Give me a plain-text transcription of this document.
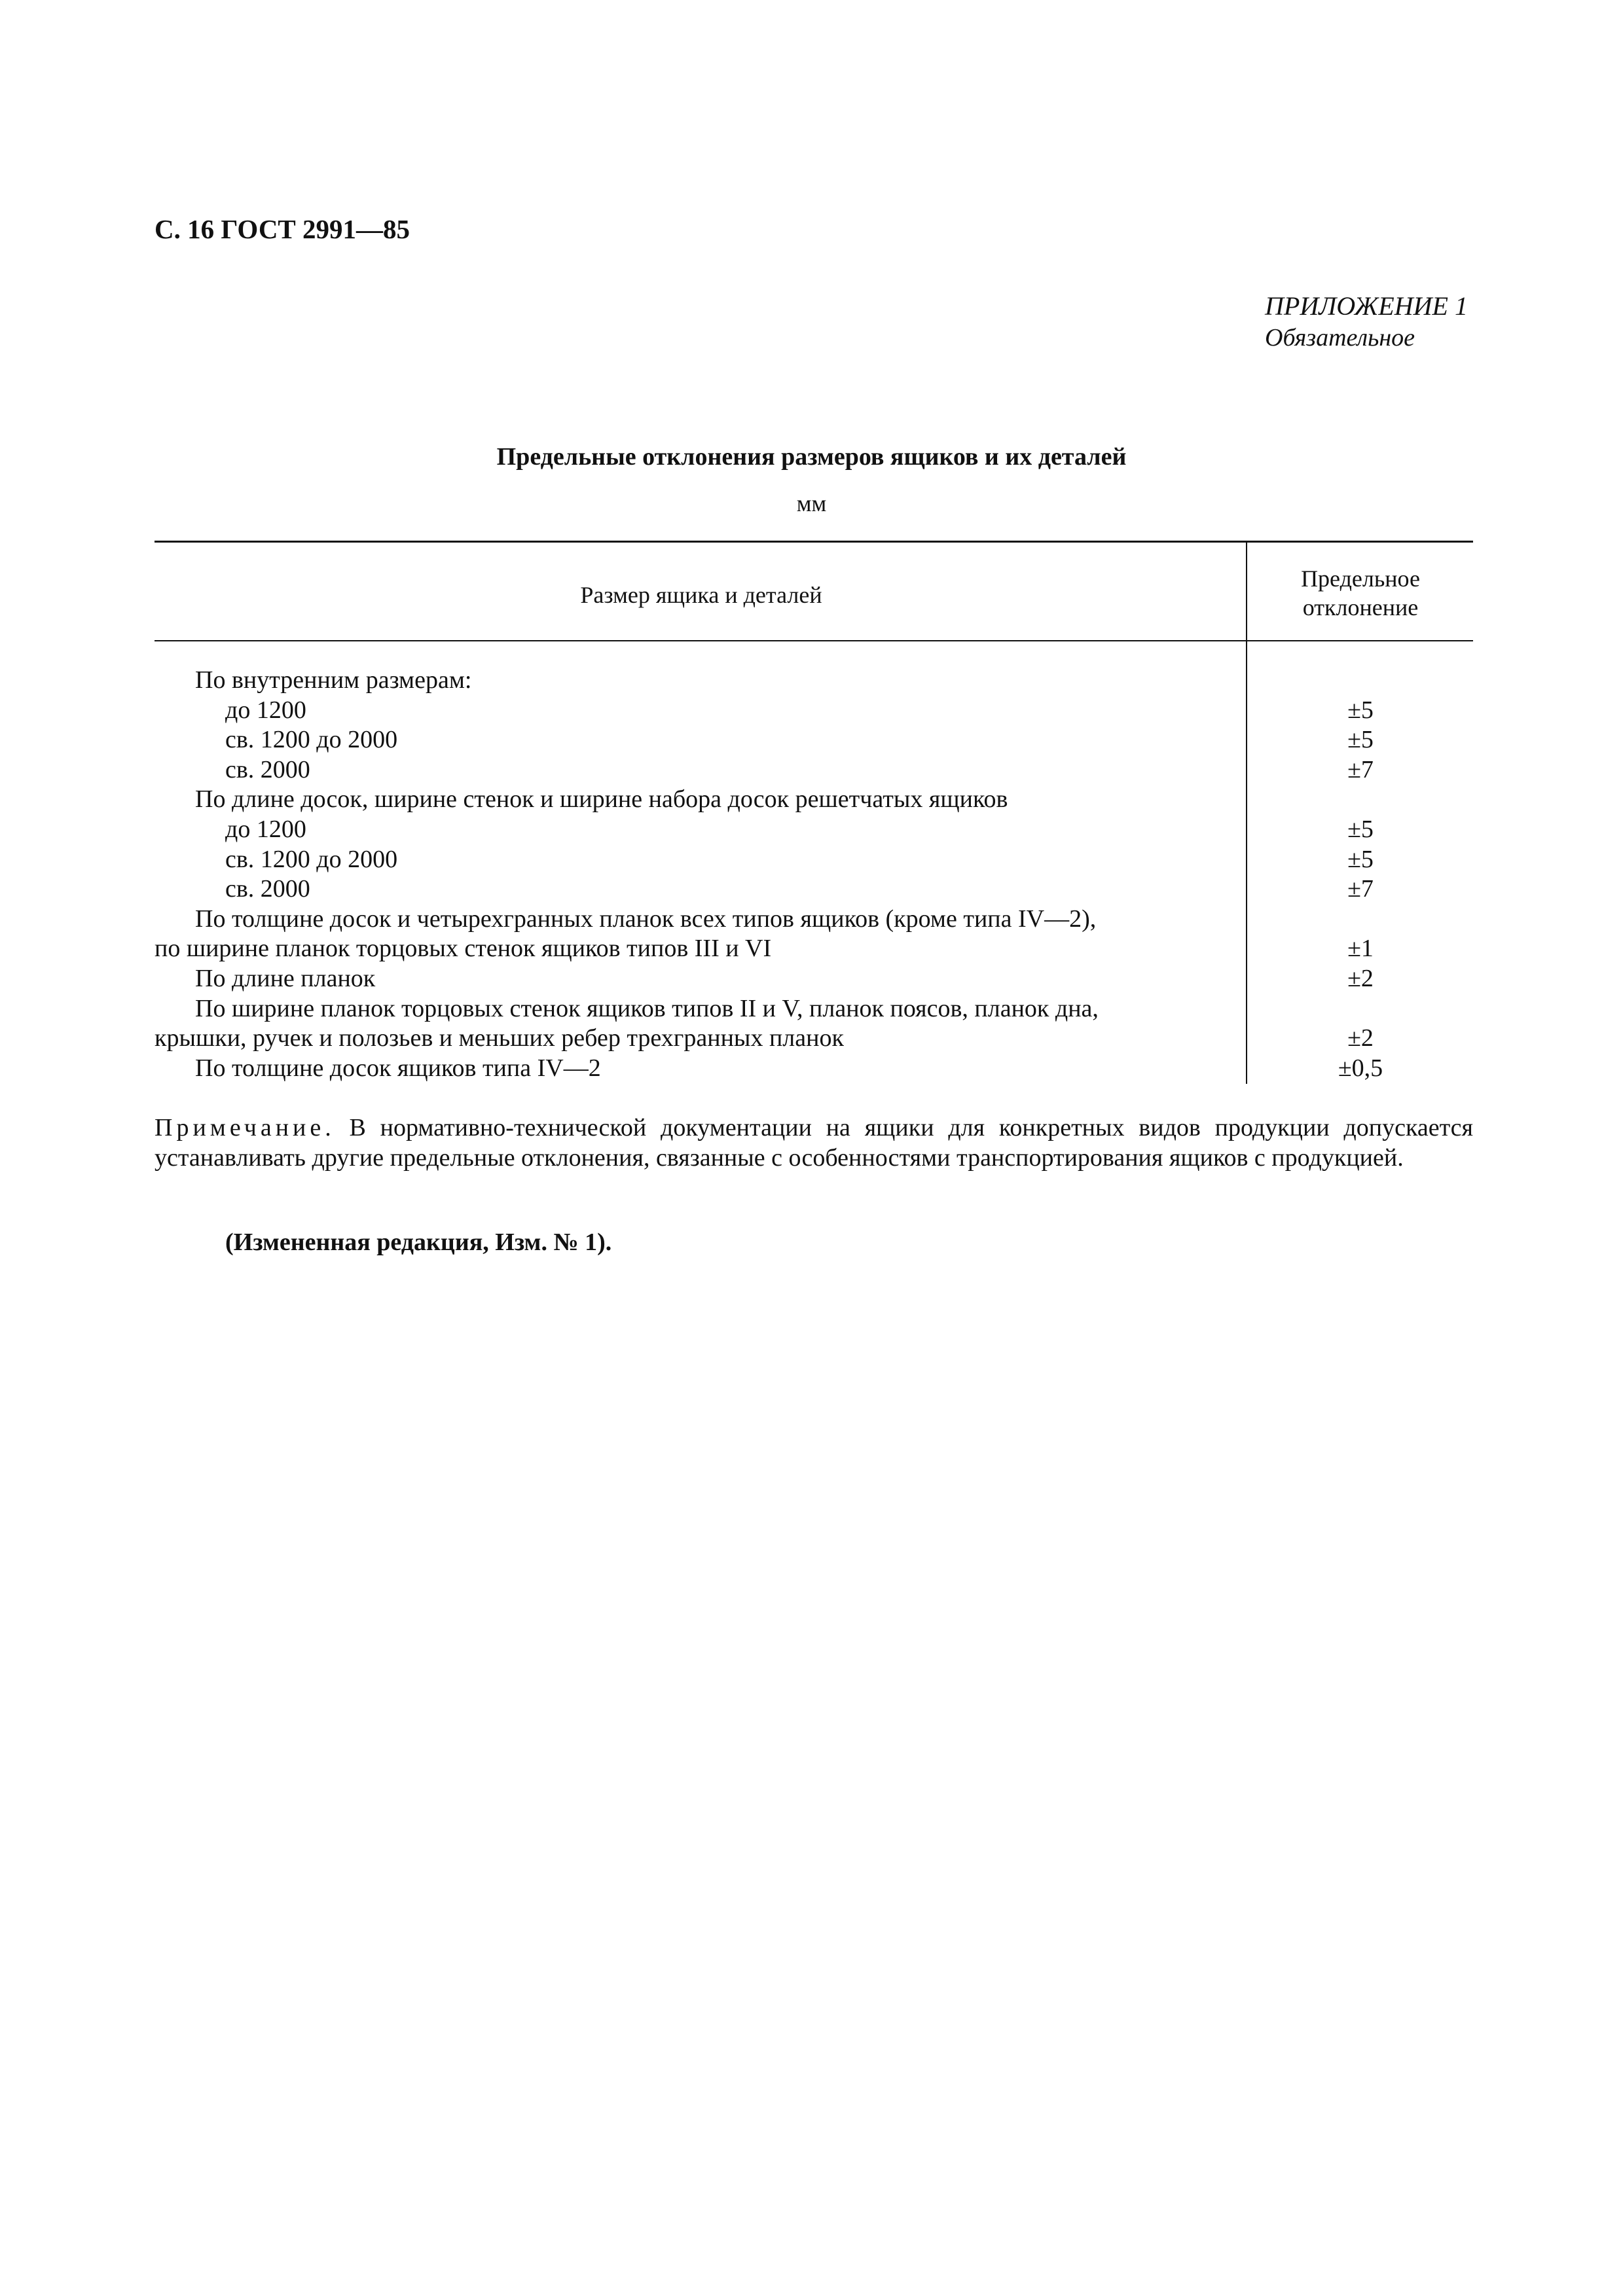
С. 16 ГОСТ 2991—85
ПРИЛОЖЕНИЕ 1
Обязательное
Предельные отклонения размеров ящиков и их деталей
мм
Размер ящика и деталей
Предельное отклонение
По внутренним размерам:
до 1200	±5
св. 1200 до 2000	±5
св. 2000	±7
По длине досок, ширине стенок и ширине набора досок решетчатых ящиков
до 1200	±5
св. 1200 до 2000	±5
св. 2000	±7
По толщине досок и четырехгранных планок всех типов ящиков (кроме типа IV—2),
по ширине планок торцовых стенок ящиков типов III и VI	±1
По длине планок	±2
По ширине планок торцовых стенок ящиков типов II и V, планок поясов, планок дна,
крышки, ручек и полозьев и меньших ребер трехгранных планок	±2
По толщине досок ящиков типа IV—2	±0,5
Примечание. В нормативно-технической документации на ящики для конкретных видов продукции допускается устанавливать другие предельные отклонения, связанные с особенностями транспортирования ящиков с продукцией.
(Измененная редакция, Изм. № 1).
